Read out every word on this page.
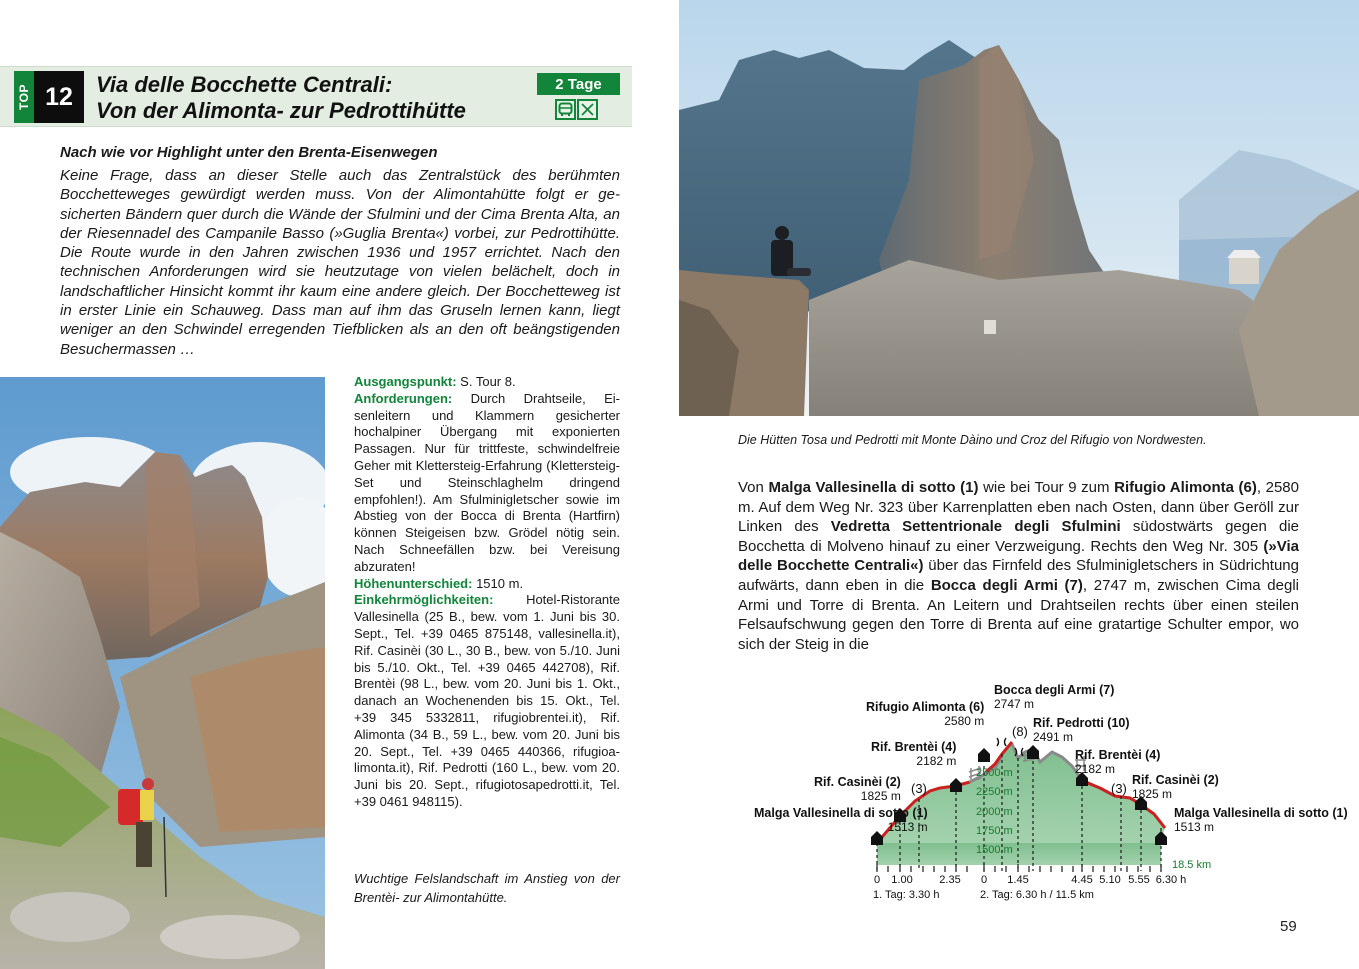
TOP 12	Via delle Bocchette Centrali:
Von der Alimonta- zur Pedrottihütte
2 Tage
Nach wie vor Highlight unter den Brenta-Eisenwegen
Keine Frage, dass an dieser Stelle auch das Zentralstück des berühmten Bocchetteweges gewürdigt werden muss. Von der Alimontahütte folgt er gesicherten Bändern quer durch die Wände der Sfulmini und der Cima Brenta Alta, an der Riesennadel des Campanile Basso (»Guglia Brenta«) vorbei, zur Pedrottihütte. Die Route wurde in den Jahren zwischen 1936 und 1957 errichtet. Nach den technischen Anforderungen wird sie heutzutage von vielen belächelt, doch in landschaftlicher Hinsicht kommt ihr kaum eine andere gleich. Der Bocchetteweg ist in erster Linie ein Schauweg. Dass man auf ihm das Gruseln lernen kann, liegt weniger an den Schwindel erregenden Tiefblicken als an den oft beängstigenden Besuchermassen …

Ausgangspunkt: S. Tour 8.

Anforderungen: Durch Drahtseile, Eisenleitern und Klammern gesicherter hochalpiner Übergang mit exponierten Passagen. Nur für trittfeste, schwindelfreie Geher mit Klettersteig-Erfahrung (Klettersteig-Set und Steinschlaghelm dringend empfohlen!). Am Sfulminigletscher sowie im Abstieg von der Bocca di Brenta (Hartfirn) können Steigeisen bzw. Grödel nötig sein. Nach Schneefällen bzw. bei Vereisung abzuraten!

Höhenunterschied: 1510 m.

Einkehrmöglichkeiten: Hotel-Ristorante Vallesinella (25 B., bew. vom 1. Juni bis 30. Sept., Tel. +39 0465 875148, vallesinella.it), Rif. Casinèi (30 L., 30 B., bew. von 5./10. Juni bis 5./10. Okt., Tel. +39 0465 442708), Rif. Brentèi (98 L., bew. vom 20. Juni bis 1. Okt., danach an Wochenenden bis 15. Okt., Tel. +39 345 5332811, rifugiobrentei.it), Rif. Alimonta (34 B., 59 L., bew. vom 20. Juni bis 20. Sept., Tel. +39 0465 440366, rifugioalimonta.it), Rif. Pedrotti (160 L., bew. vom 20. Juni bis 20. Sept., rifugiotosapedrotti.it, Tel. +39 0461 948115).

Wuchtige Felslandschaft im Anstieg von der Brentèi- zur Alimontahütte.
Die Hütten Tosa und Pedrotti mit Monte Dàino und Croz del Rifugio von Nordwesten.
Von Malga Vallesinella di sotto (1) wie bei Tour 9 zum Rifugio Alimonta (6), 2580 m. Auf dem Weg Nr. 323 über Karrenplatten eben nach Osten, dann über Geröll zur Linken des Vedretta Settentrionale degli Sfulmini südostwärts gegen die Bocchetta di Molveno hinauf zu einer Verzweigung. Rechts den Weg Nr. 305 (»Via delle Bocchette Centrali«) über das Firnfeld des Sfulminigletschers in Südrichtung aufwärts, dann eben in die Bocca degli Armi (7), 2747 m, zwischen Cima degli Armi und Torre di Brenta. An Leitern und Drahtseilen rechts über einen steilen Felsaufschwung gegen den Torre di Brenta auf eine gratartige Schulter empor, wo sich der Steig in die
Malga Vallesinella di sotto (1)
1513 m
Rif. Casinèi (2)
1825 m (3)
Rif. Brentèi (4)
2182 m
Rifugio Alimonta (6)
2580 m
Bocca degli Armi (7)
2747 m
(8)
Rif. Pedrotti (10)
2491 m
Rif. Brentèi (4)
2182 m
(3)
Rif. Casinèi (2)
1825 m
Malga Vallesinella di sotto (1)
1513 m
2500 m
2250 m
2000 m
1750 m
1500 m
18.5 km
0 1.00 2.35 0 1.45	4.45 5.10 5.55 6.30 h
1. Tag: 3.30 h	2. Tag: 6.30 h / 11.5 km
59
